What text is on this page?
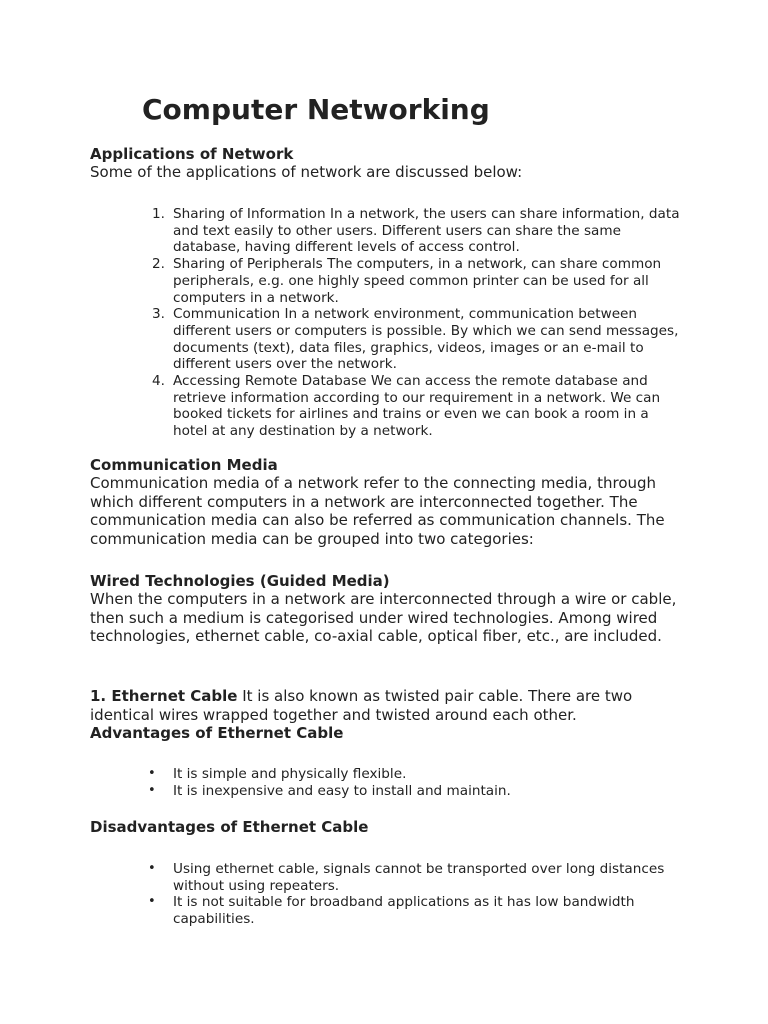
Computer Networking

Applications of Network

Some of the applications of network are discussed below:

1. Sharing of Information In a network, the users can share information, data and text easily to other users. Different users can share the same database, having different levels of access control.
2. Sharing of Peripherals The computers, in a network, can share common peripherals, e.g. one highly speed common printer can be used for all computers in a network.
3. Communication In a network environment, communication between different users or computers is possible. By which we can send messages, documents (text), data files, graphics, videos, images or an e-mail to different users over the network.
4. Accessing Remote Database We can access the remote database and retrieve information according to our requirement in a network. We can booked tickets for airlines and trains or even we can book a room in a hotel at any destination by a network.

Communication Media

Communication media of a network refer to the connecting media, through which different computers in a network are interconnected together. The communication media can also be referred as communication channels. The communication media can be grouped into two categories:

Wired Technologies (Guided Media)

When the computers in a network are interconnected through a wire or cable, then such a medium is categorised under wired technologies. Among wired technologies, ethernet cable, co-axial cable, optical fiber, etc., are included.

1. Ethernet Cable It is also known as twisted pair cable. There are two identical wires wrapped together and twisted around each other.

Advantages of Ethernet Cable

• It is simple and physically flexible.
• It is inexpensive and easy to install and maintain.

Disadvantages of Ethernet Cable

• Using ethernet cable, signals cannot be transported over long distances without using repeaters.
• It is not suitable for broadband applications as it has low bandwidth capabilities.
